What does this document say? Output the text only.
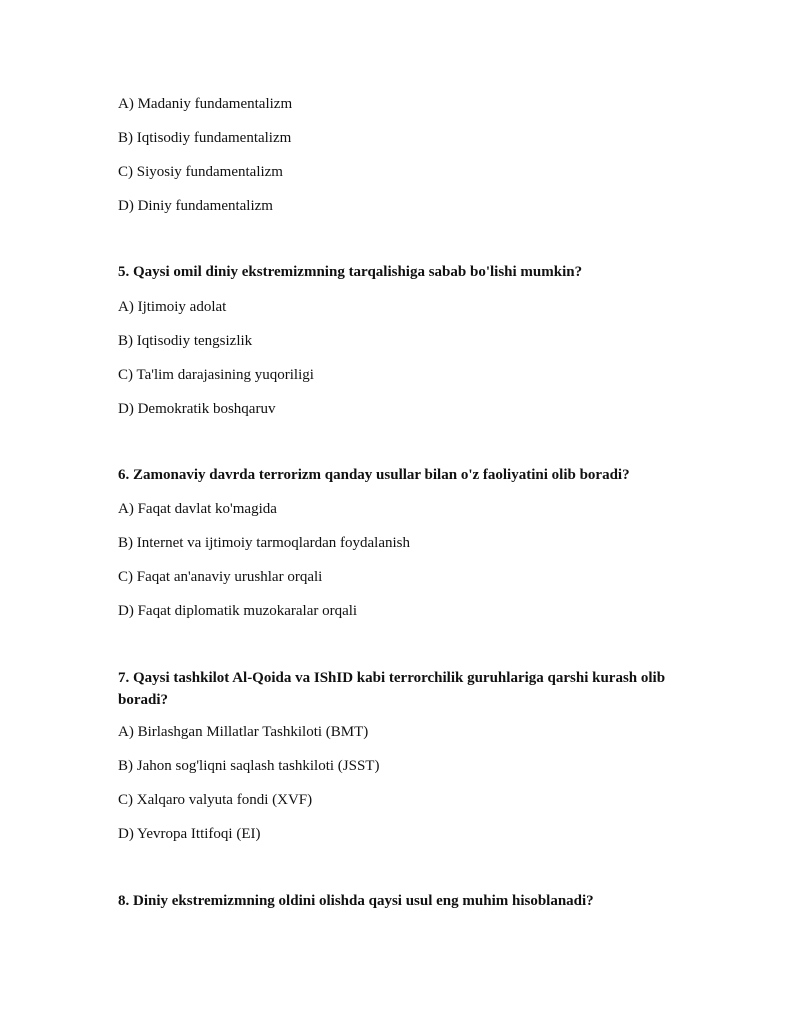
A) Madaniy fundamentalizm
B) Iqtisodiy fundamentalizm
C) Siyosiy fundamentalizm
D) Diniy fundamentalizm
5. Qaysi omil diniy ekstremizmning tarqalishiga sabab bo'lishi mumkin?
A) Ijtimoiy adolat
B) Iqtisodiy tengsizlik
C) Ta'lim darajasining yuqoriligi
D) Demokratik boshqaruv
6. Zamonaviy davrda terrorizm qanday usullar bilan o'z faoliyatini olib boradi?
A) Faqat davlat ko'magida
B) Internet va ijtimoiy tarmoqlardan foydalanish
C) Faqat an'anaviy urushlar orqali
D) Faqat diplomatik muzokaralar orqali
7. Qaysi tashkilot Al-Qoida va IShID kabi terrorchilik guruhlariga qarshi kurash olib boradi?
A) Birlashgan Millatlar Tashkiloti (BMT)
B) Jahon sog'liqni saqlash tashkiloti (JSST)
C) Xalqaro valyuta fondi (XVF)
D) Yevropa Ittifoqi (EI)
8. Diniy ekstremizmning oldini olishda qaysi usul eng muhim hisoblanadi?
